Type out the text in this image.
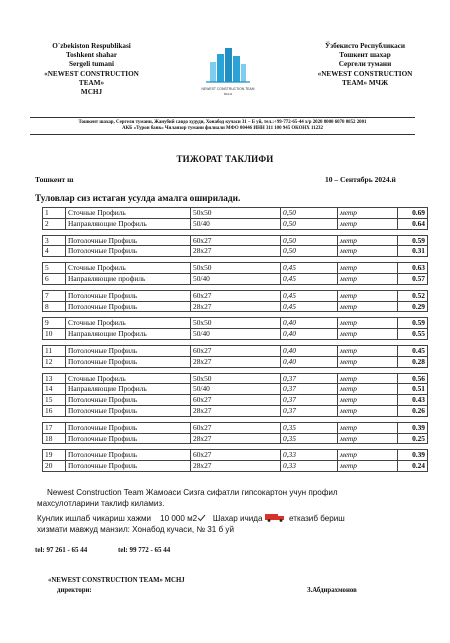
O`zbekiston Respublikasi
Toshkent shahar
Sergeli tumani
«NEWEST CONSTRUCTION TEAM»
MCHJ	NEWEST CONSTRUCTION TEAM
MCHJ
Ўзбекисто Республикаси
Тошкент шахар
Сергели тумани
«NEWEST CONSTRUCTION
TEAM» МЧЖ
Тошкент шахар, Сергели тумани, Жанубий савдо худуди, Хонабод кучаси 31 – Б уй, тел.:+99-772-65-44 х/р 2020 8000 6070 0852 2001
АКБ «Турон банк» Чиланзор тумани филиали МФО 00446 ИНН 311 100 945 ОКОНХ 11232
ТИЖОРАТ ТАКЛИФИ
Тошкент ш	10 – Сентябрь 2024.й
Туловлар сиз истаган усулда амалга оширилади.
1	Сточные Профиль	50x50	0,50	метр	0.69
2	Направляющие Профиль	50/40	0,50	метр	0.64

3	Потолочные Профиль	60x27	0,50	метр	0.59
4	Потолочные Профиль	28x27	0,50	метр	0.31

5	Сточные Профиль	50x50	0,45	метр	0.63
6	Направляющие профиль	50/40	0,45	метр	0.57

7	Потолочные Профиль	60x27	0,45	метр	0.52
8	Потолочные Профиль	28x27	0,45	метр	0.29

9	Сточные Профиль	50x50	0,40	метр	0.59
10	Направляющие Профиль	50/40	0,40	метр	0.55

11	Потолочные Профиль	60x27	0,40	метр	0.45
12	Потолочные Профиль	28x27	0,40	метр	0.28

13	Сточные Профиль	50x50	0,37	метр	0.56
14	Направляющие Профиль	50/40	0,37	метр	0.51
15	Потолочные Профиль	60x27	0,37	метр	0.43
16	Потолочные Профиль	28x27	0,37	метр	0.26

17	Потолочные Профиль	60x27	0,35	метр	0.39
18	Потолочные Профиль	28x27	0,35	метр	0.25

19	Потолочные Профиль	60x27	0,33	метр	0.39
20	Потолочные Профиль	28x27	0,33	метр	0.24
Newest Construction Team Жамоаси Сизга сифатли гипсокартон учун профил
махсулотларини таклиф киламиз.
Кунлик ишлаб чикариш хажми 10 000 м2 Шахар ичида	етказиб бериш
хизмати мавжуд манзил: Хонабод кучаси, № 31 б уй
tel: 97 261 - 65 44	tel: 99 772 - 65 44
«NEWEST CONSTRUCTION TEAM» МСНJ
директори:	З.Абдирахмонов
